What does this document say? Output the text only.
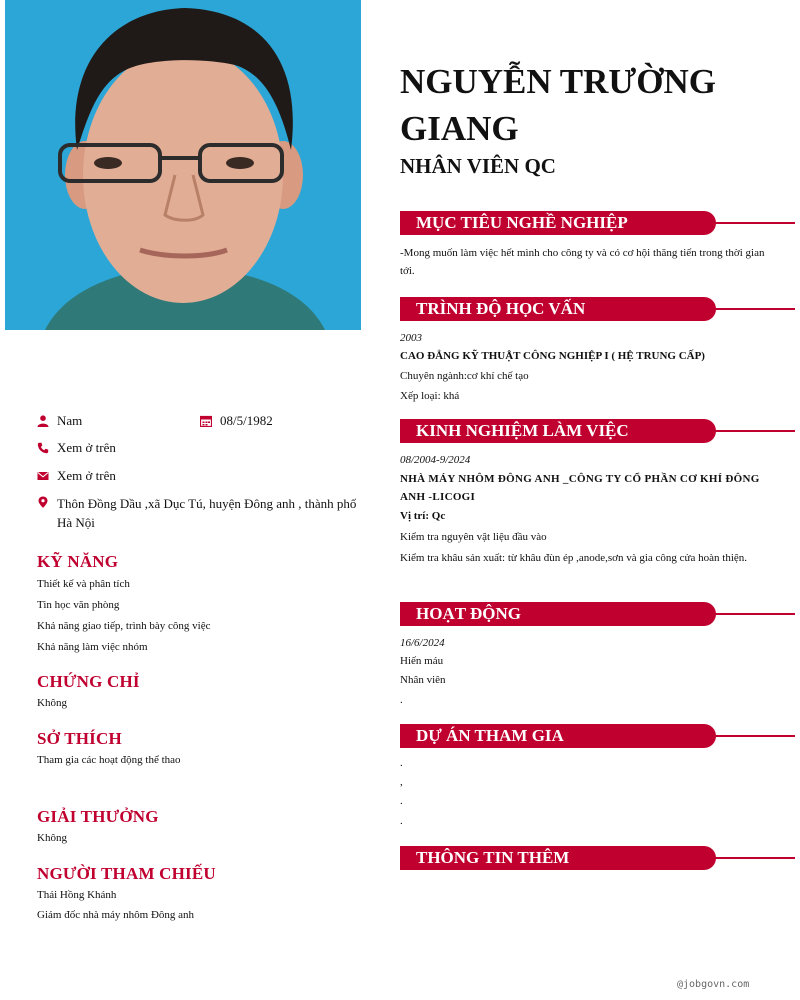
Nam	08/5/1982
Xem ở trên
Xem ở trên
Thôn Đồng Dầu ,xã Dục Tú, huyện Đông anh , thành phố Hà Nội
KỸ NĂNG
Thiết kế và phân tích
Tin học văn phòng
Khả năng giao tiếp, trình bày công việc
Khả năng làm việc nhóm
CHỨNG CHỈ
Không
SỞ THÍCH
Tham gia các hoạt động thể thao
GIẢI THƯỞNG
Không
NGƯỜI THAM CHIẾU
Thái Hồng Khánh
Giám đốc nhà máy nhôm Đông anh
NGUYỄN TRƯỜNG GIANG
NHÂN VIÊN QC
MỤC TIÊU NGHỀ NGHIỆP
-Mong muốn làm việc hết mình cho công ty và có cơ hội thăng tiến trong thời gian tới.
TRÌNH ĐỘ HỌC VẤN
2003
CAO ĐẲNG KỸ THUẬT CÔNG NGHIỆP I ( HỆ TRUNG CẤP)
Chuyên ngành:cơ khí chế tạo
Xếp loại: khá
KINH NGHIỆM LÀM VIỆC
08/2004-9/2024
NHÀ MÁY NHÔM ĐÔNG ANH _CÔNG TY CỔ PHẦN CƠ KHÍ ĐÔNG ANH -LICOGI
Vị trí: Qc
Kiểm tra nguyên vật liệu đầu vào
Kiểm tra khâu sản xuất: từ khâu đùn ép ,anode,sơn và gia công cửa hoàn thiện.
HOẠT ĐỘNG
16/6/2024
Hiến máu
Nhân viên
.
DỰ ÁN THAM GIA
.
,
.
.
THÔNG TIN THÊM
@jobgovn.com
